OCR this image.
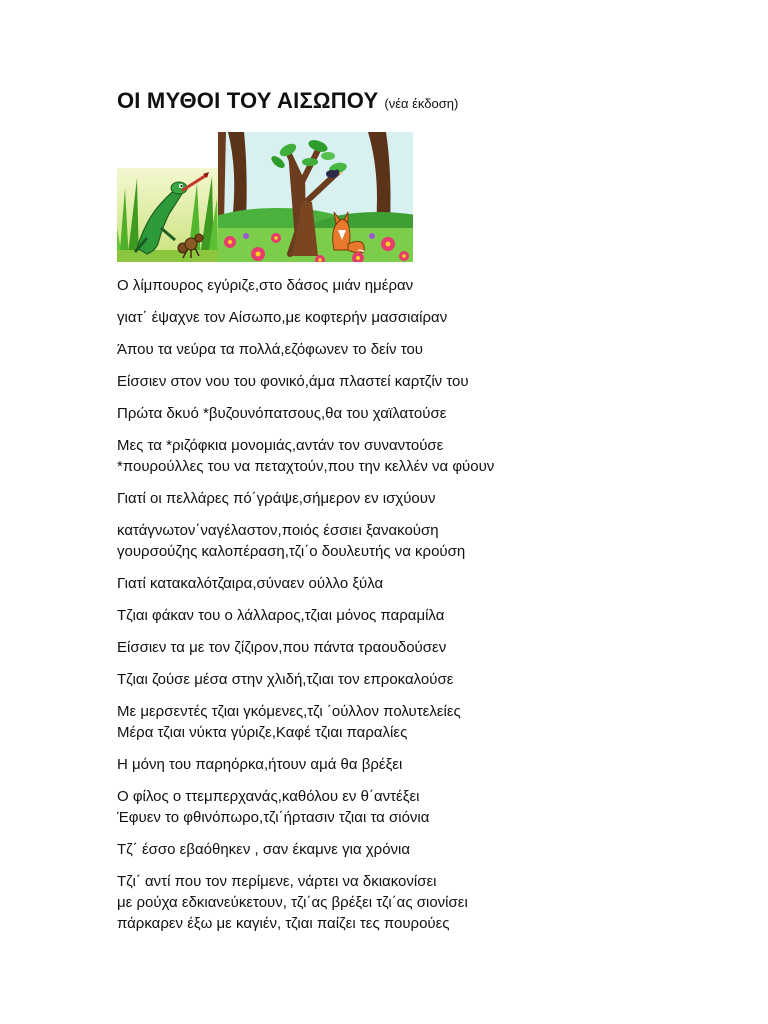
ΟΙ ΜΥΘΟΙ ΤΟΥ ΑΙΣΩΠΟΥ (νέα έκδοση)
Ο λίμπουρος εγύριζε,στο δάσος μιάν ημέραν
γιατ΄ έψαχνε τον Αίσωπο,με κοφτερήν μασσιαίραν
Άπου τα νεύρα τα πολλά,εζόφωνεν το δείν του
Είσσιεν στον νου του φονικό,άμα πλαστεί καρτζίν του
Πρώτα δκυό *βυζουνόπατσους,θα του χαϊλατούσε
Μες τα *ριζόφκια μονομιάς,αντάν τον συναντούσε
*πουρούλλες του να πεταχτούν,που την κελλέν να φύουν
Γιατί οι πελλάρες πό΄γράψε,σήμερον εν ισχύουν
κατάγνωτον΄ναγέλαστον,ποιός έσσιει ξανακούση
γουρσούζης καλοπέραση,τζι΄ο δουλευτής να κρούση
Γιατί κατακαλότζαιρα,σύναεν ούλλο ξύλα
Τζιαι φάκαν του ο λάλλαρος,τζιαι μόνος παραμίλα
Είσσιεν τα με τον ζίζιρον,που πάντα τραουδούσεν
Τζιαι ζούσε μέσα στην χλιδή,τζιαι τον επροκαλούσε
Με μερσεντές τζιαι γκόμενες,τζι ΄ούλλον πολυτελείες
Μέρα τζιαι νύκτα γύριζε,Καφέ τζιαι παραλίες
Η μόνη του παρηόρκα,ήτουν αμά θα βρέξει
Ο φίλος ο ττεμπερχανάς,καθόλου εν θ΄αντέξει
Έφυεν το φθινόπωρο,τζι΄ήρτασιν τζιαι τα σιόνια
Τζ΄ έσσο εβαόθηκεν , σαν έκαμνε για χρόνια
Τζι΄ αντί που τον περίμενε, νάρτει να δκιακονίσει
με ρούχα εδκιανεύκετουν, τζι΄ας βρέξει τζι΄ας σιονίσει
πάρκαρεν έξω με καγιέν, τζιαι παίζει τες πουρούες
